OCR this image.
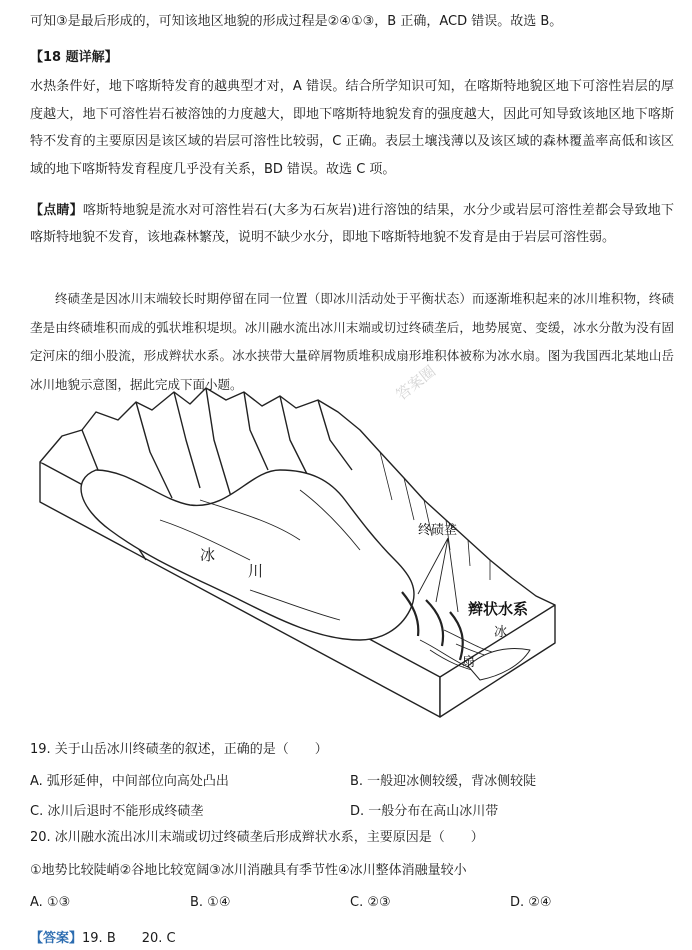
可知③是最后形成的，可知该地区地貌的形成过程是②④①③，B 正确，ACD 错误。故选 B。
【18 题详解】
水热条件好，地下喀斯特发育的越典型才对，A 错误。结合所学知识可知，在喀斯特地貌区地下可溶性岩层的厚度越大，地下可溶性岩石被溶蚀的力度越大，即地下喀斯特地貌发育的强度越大，因此可知导致该地区地下喀斯特不发育的主要原因是该区域的岩层可溶性比较弱，C 正确。表层土壤浅薄以及该区域的森林覆盖率高低和该区域的地下喀斯特发育程度几乎没有关系，BD 错误。故选 C 项。
【点睛】喀斯特地貌是流水对可溶性岩石(大多为石灰岩)进行溶蚀的结果，水分少或岩层可溶性差都会导致地下喀斯特地貌不发育，该地森林繁茂，说明不缺少水分，即地下喀斯特地貌不发育是由于岩层可溶性弱。
终碛垄是因冰川末端较长时期停留在同一位置（即冰川活动处于平衡状态）而逐渐堆积起来的冰川堆积物，终碛垄是由终碛堆积而成的弧状堆积堤坝。冰川融水流出冰川末端或切过终碛垄后，地势展宽、变缓，冰水分散为没有固定河床的细小股流，形成辫状水系。冰水挟带大量碎屑物质堆积成扇形堆积体被称为冰水扇。图为我国西北某地山岳冰川地貌示意图，据此完成下面小题。	答案圈
冰
川
终碛垄
辫状水系
冰
扇
19. 关于山岳冰川终碛垄的叙述，正确的是（　　）
A. 弧形延伸，中间部位向高处凸出	B. 一般迎冰侧较缓，背冰侧较陡
C. 冰川后退时不能形成终碛垄	D. 一般分布在高山冰川带
20. 冰川融水流出冰川末端或切过终碛垄后形成辫状水系，主要原因是（　　）
①地势比较陡峭②谷地比较宽阔③冰川消融具有季节性④冰川整体消融量较小
A. ①③	B. ①④	C. ②③	D. ②④
【答案】19. B　　20. C
